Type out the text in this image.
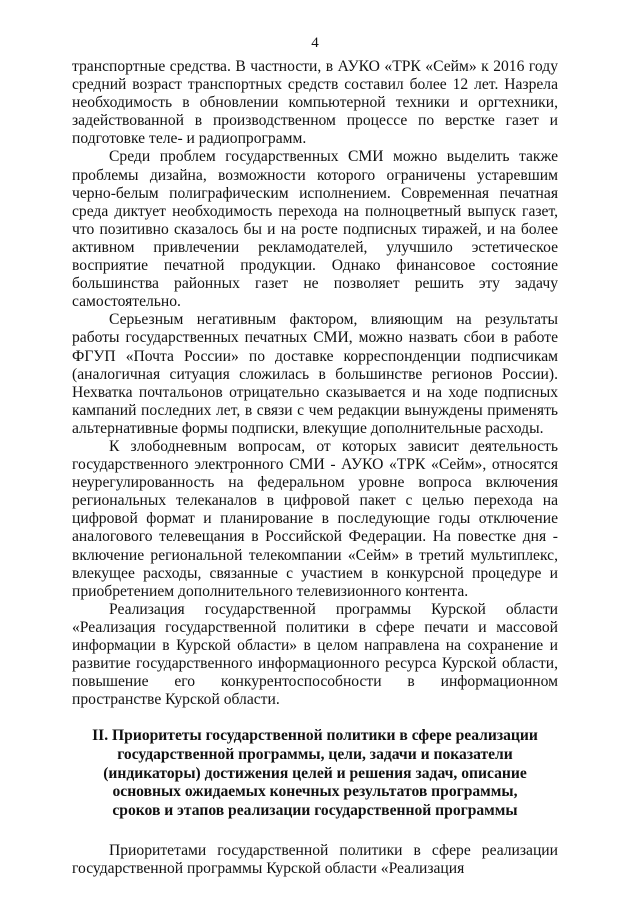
4

транспортные средства. В частности, в АУКО «ТРК «Сейм» к 2016 году средний возраст транспортных средств составил более 12 лет. Назрела необходимость в обновлении компьютерной техники и оргтехники, задействованной в производственном процессе по верстке газет и подготовке теле- и радиопрограмм.

Среди проблем государственных СМИ можно выделить также проблемы дизайна, возможности которого ограничены устаревшим черно-белым полиграфическим исполнением. Современная печатная среда диктует необходимость перехода на полноцветный выпуск газет, что позитивно сказалось бы и на росте подписных тиражей, и на более активном привлечении рекламодателей, улучшило эстетическое восприятие печатной продукции. Однако финансовое состояние большинства районных газет не позволяет решить эту задачу самостоятельно.

Серьезным негативным фактором, влияющим на результаты работы государственных печатных СМИ, можно назвать сбои в работе ФГУП «Почта России» по доставке корреспонденции подписчикам (аналогичная ситуация сложилась в большинстве регионов России). Нехватка почтальонов отрицательно сказывается и на ходе подписных кампаний последних лет, в связи с чем редакции вынуждены применять альтернативные формы подписки, влекущие дополнительные расходы.

К злободневным вопросам, от которых зависит деятельность государственного электронного СМИ - АУКО «ТРК «Сейм», относятся неурегулированность на федеральном уровне вопроса включения региональных телеканалов в цифровой пакет с целью перехода на цифровой формат и планирование в последующие годы отключение аналогового телевещания в Российской Федерации. На повестке дня - включение региональной телекомпании «Сейм» в третий мультиплекс, влекущее расходы, связанные с участием в конкурсной процедуре и приобретением дополнительного телевизионного контента.

Реализация государственной программы Курской области «Реализация государственной политики в сфере печати и массовой информации в Курской области» в целом направлена на сохранение и развитие государственного информационного ресурса Курской области, повышение его конкурентоспособности в информационном пространстве Курской области.

II. Приоритеты государственной политики в сфере реализации
государственной программы, цели, задачи и показатели
(индикаторы) достижения целей и решения задач, описание
основных ожидаемых конечных результатов программы,
сроков и этапов реализации государственной программы

Приоритетами государственной политики в сфере реализации государственной программы Курской области «Реализация
